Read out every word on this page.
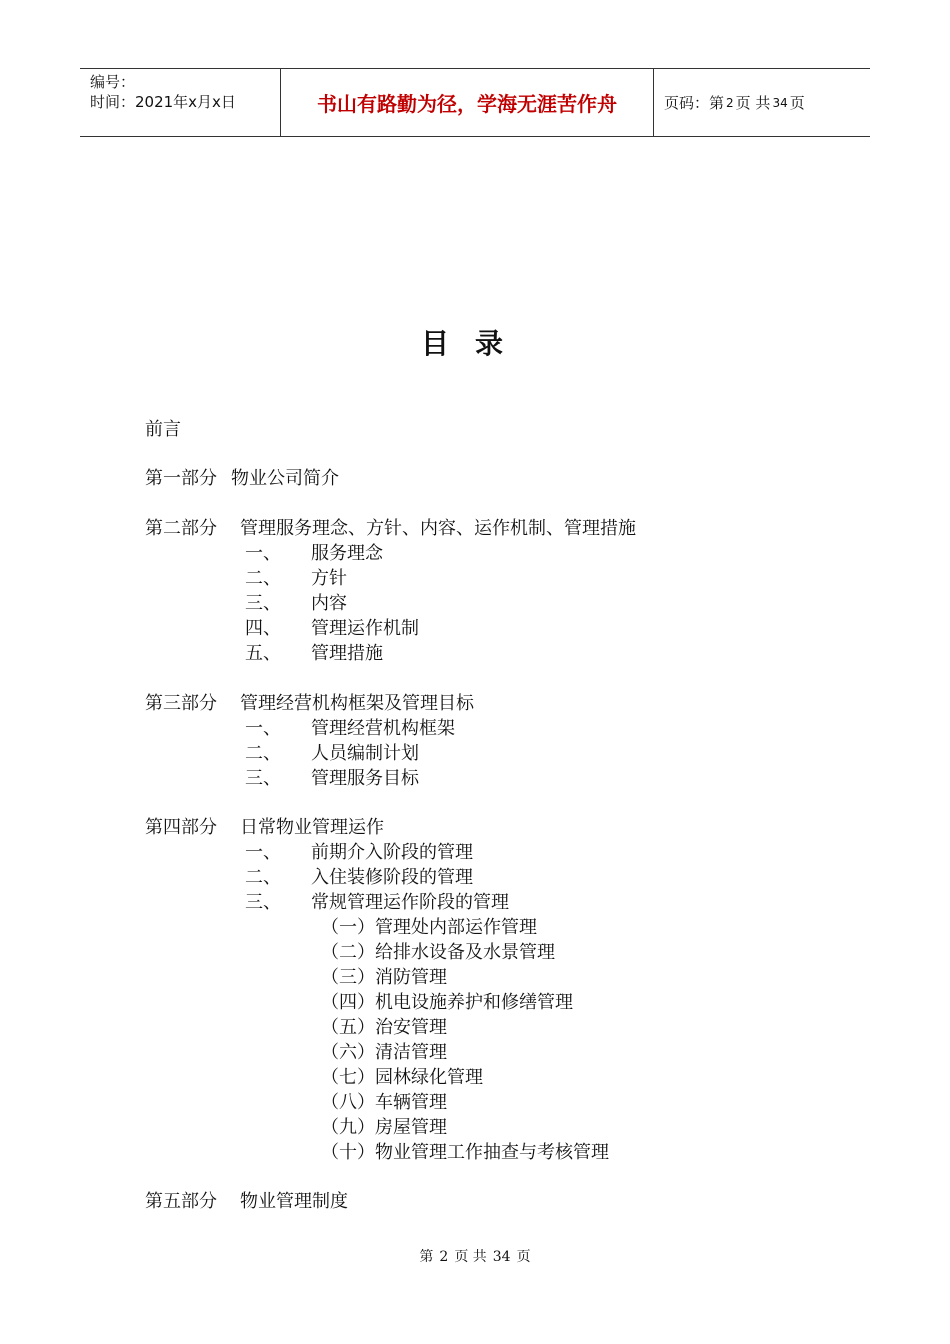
编号：
时间：2021年x月x日	书山有路勤为径，学海无涯苦作舟	页码：第 2 页 共 34 页
目录
前言
第一部分 物业公司简介
第二部分 管理服务理念、方针、内容、运作机制、管理措施
一、 服务理念
二、 方针
三、 内容
四、 管理运作机制
五、 管理措施
第三部分 管理经营机构框架及管理目标
一、 管理经营机构框架
二、 人员编制计划
三、 管理服务目标
第四部分 日常物业管理运作
一、 前期介入阶段的管理
二、 入住装修阶段的管理
三、 常规管理运作阶段的管理
（一）管理处内部运作管理
（二）给排水设备及水景管理
（三）消防管理
（四）机电设施养护和修缮管理
（五）治安管理
（六）清洁管理
（七）园林绿化管理
（八）车辆管理
（九）房屋管理
（十）物业管理工作抽查与考核管理
第五部分 物业管理制度
第 2 页 共 34 页
